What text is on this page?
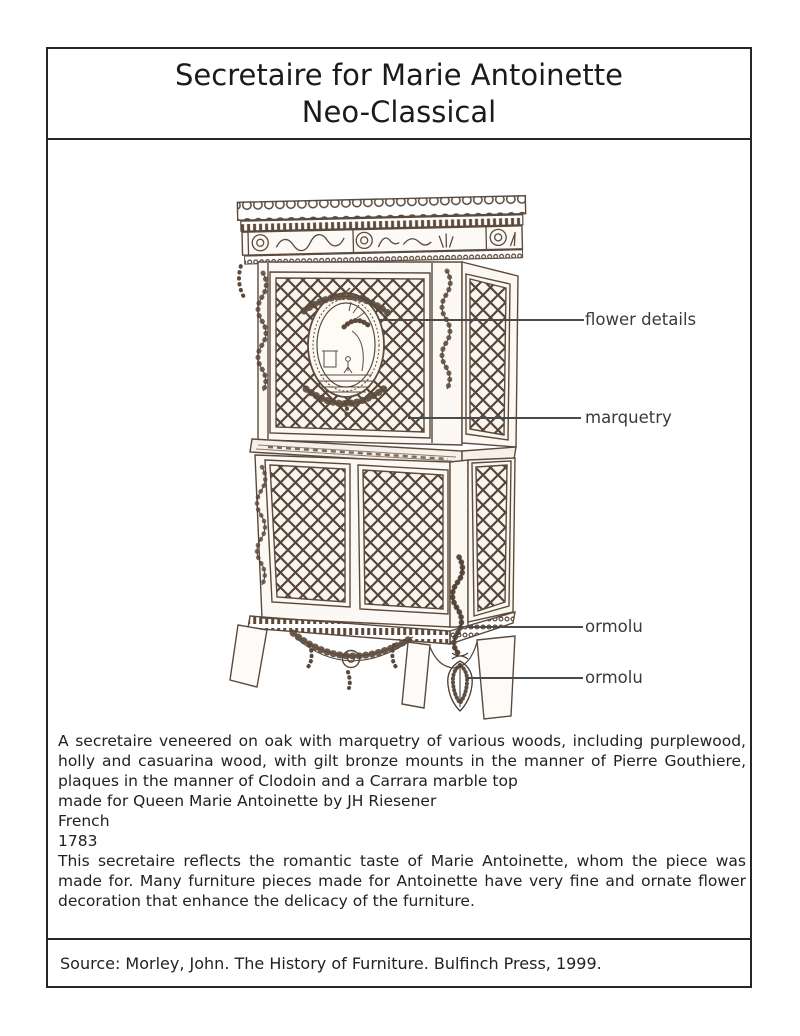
Secretaire for Marie Antoinette
Neo-Classical
flower details
marquetry
ormolu
ormolu

A secretaire veneered on oak with marquetry of various woods, including purplewood, holly and casuarina wood, with gilt bronze mounts in the manner of Pierre Gouthiere, plaques in the manner of Clodoin and a Carrara marble top

made for Queen Marie Antoinette by JH Riesener
French
1783

This secretaire reflects the romantic taste of Marie Antoinette, whom the piece was made for. Many furniture pieces made for Antoinette have very fine and ornate flower decoration that enhance the delicacy of the furniture.

Source: Morley, John. The History of Furniture. Bulfinch Press, 1999.
